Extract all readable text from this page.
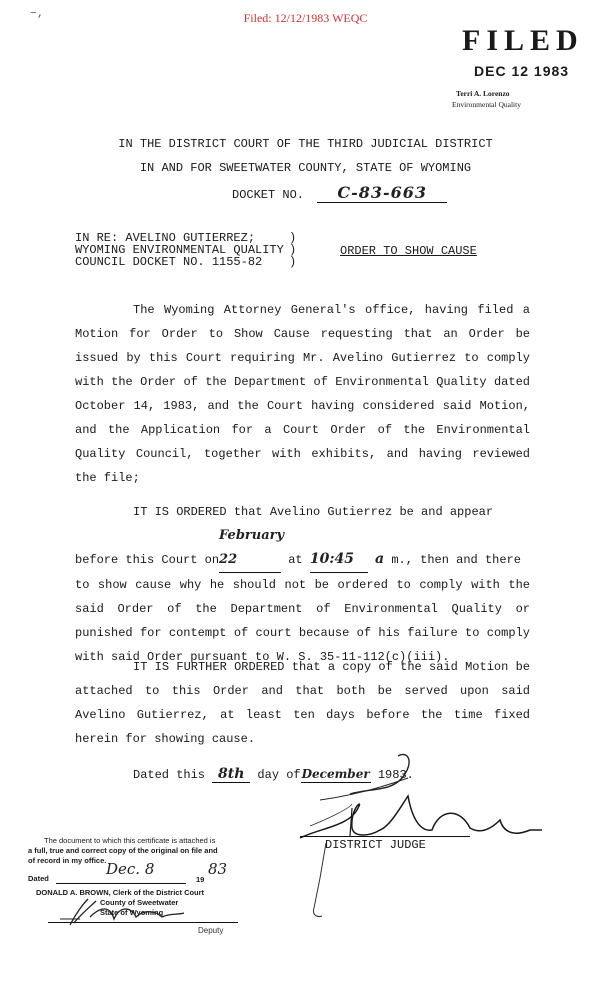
−‚	Filed: 12/12/1983 WEQC
FILED
DEC 12 1983
Terri A. Lorenzo
Environmental Quality
IN THE DISTRICT COURT OF THE THIRD JUDICIAL DISTRICT
IN AND FOR SWEETWATER COUNTY, STATE OF WYOMING
DOCKET NO. C-83-663
IN RE: AVELINO GUTIERREZ;
WYOMING ENVIRONMENTAL QUALITY
COUNCIL DOCKET NO. 1155-82
)
)
)
ORDER TO SHOW CAUSE

The Wyoming Attorney General's office, having filed a Motion for Order to Show Cause requesting that an Order be issued by this Court requiring Mr. Avelino Gutierrez to comply with the Order of the Department of Environmental Quality dated October 14, 1983, and the Court having considered said Motion, and the Application for a Court Order of the Environmental Quality Council, together with exhibits, and having reviewed the file;

IT IS ORDERED that Avelino Gutierrez be and appear

before this Court onFebruary 22	at 10:45 a m., then and there

to show cause why he should not be ordered to comply with the said Order of the Department of Environmental Quality or punished for contempt of court because of his failure to comply with said Order pursuant to W. S. 35-11-112(c)(iii).

IT IS FURTHER ORDERED that a copy of the said Motion be attached to this Order and that both be served upon said Avelino Gutierrez, at least ten days before the time fixed herein for showing cause.

Dated this 8th day ofDecember 1983.
DISTRICT JUDGE
The document to which this certificate is attached is
a full, true and correct copy of the original on file and
of record in my office.
Dated
Dec. 8
19
83
DONALD A. BROWN, Clerk of the District Court
County of Sweetwater
State of Wyoming
Deputy
